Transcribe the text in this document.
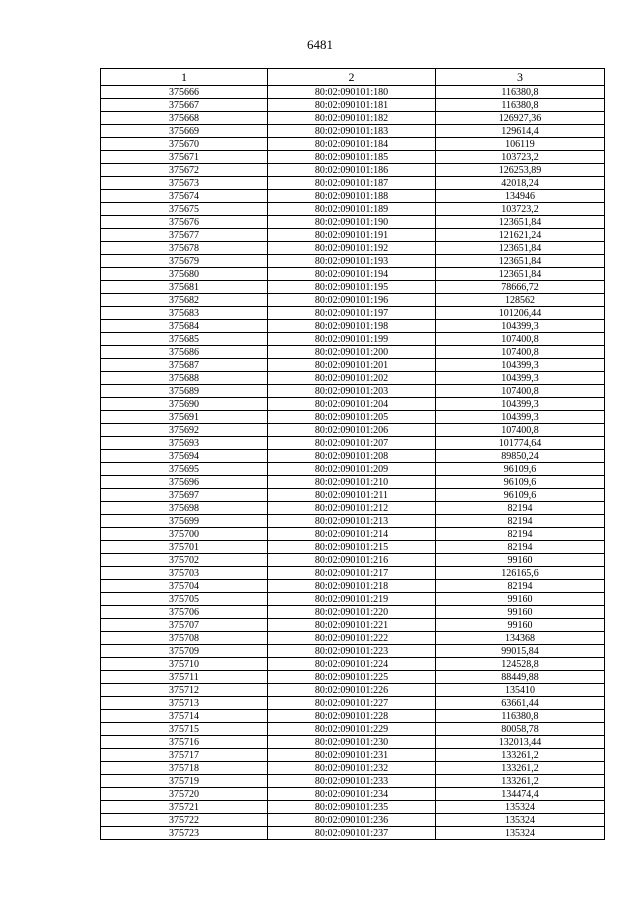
6481
1	2	3
375666	80:02:090101:180	116380,8
375667	80:02:090101:181	116380,8
375668	80:02:090101:182	126927,36
375669	80:02:090101:183	129614,4
375670	80:02:090101:184	106119
375671	80:02:090101:185	103723,2
375672	80:02:090101:186	126253,89
375673	80:02:090101:187	42018,24
375674	80:02:090101:188	134946
375675	80:02:090101:189	103723,2
375676	80:02:090101:190	123651,84
375677	80:02:090101:191	121621,24
375678	80:02:090101:192	123651,84
375679	80:02:090101:193	123651,84
375680	80:02:090101:194	123651,84
375681	80:02:090101:195	78666,72
375682	80:02:090101:196	128562
375683	80:02:090101:197	101206,44
375684	80:02:090101:198	104399,3
375685	80:02:090101:199	107400,8
375686	80:02:090101:200	107400,8
375687	80:02:090101:201	104399,3
375688	80:02:090101:202	104399,3
375689	80:02:090101:203	107400,8
375690	80:02:090101:204	104399,3
375691	80:02:090101:205	104399,3
375692	80:02:090101:206	107400,8
375693	80:02:090101:207	101774,64
375694	80:02:090101:208	89850,24
375695	80:02:090101:209	96109,6
375696	80:02:090101:210	96109,6
375697	80:02:090101:211	96109,6
375698	80:02:090101:212	82194
375699	80:02:090101:213	82194
375700	80:02:090101:214	82194
375701	80:02:090101:215	82194
375702	80:02:090101:216	99160
375703	80:02:090101:217	126165,6
375704	80:02:090101:218	82194
375705	80:02:090101:219	99160
375706	80:02:090101:220	99160
375707	80:02:090101:221	99160
375708	80:02:090101:222	134368
375709	80:02:090101:223	99015,84
375710	80:02:090101:224	124528,8
375711	80:02:090101:225	88449,88
375712	80:02:090101:226	135410
375713	80:02:090101:227	63661,44
375714	80:02:090101:228	116380,8
375715	80:02:090101:229	80058,78
375716	80:02:090101:230	132013,44
375717	80:02:090101:231	133261,2
375718	80:02:090101:232	133261,2
375719	80:02:090101:233	133261,2
375720	80:02:090101:234	134474,4
375721	80:02:090101:235	135324
375722	80:02:090101:236	135324
375723	80:02:090101:237	135324
